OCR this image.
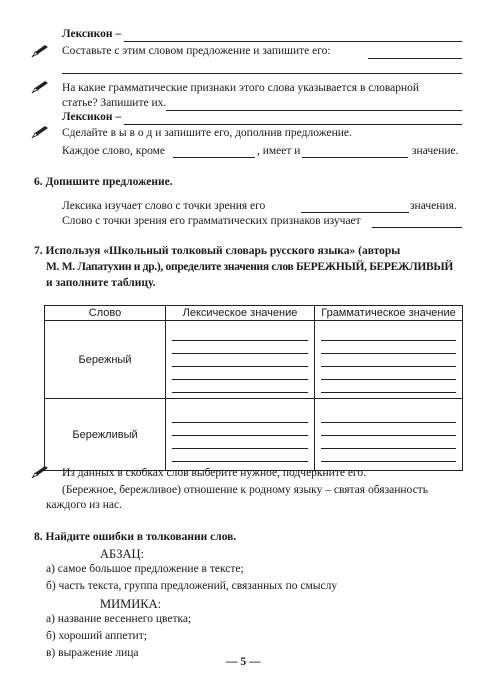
Лексикон –
Составьте с этим словом предложение и запишите его:
На какие грамматические признаки этого слова указывается в словарной
статье? Запишите их.
Лексикон –
Сделайте в ы в о д и запишите его, дополнив предложение.
Каждое слово, кроме	, имеет и	значение.
6. Допишите предложение.
Лексика изучает слово с точки зрения его	значения.
Слово с точки зрения его грамматических признаков изучает
7. Используя «Школьный толковый словарь русского языка» (авторы
М. М. Лапатухин и др.), определите значения слов БЕРЕЖНЫЙ, БЕРЕЖЛИВЫЙ
и заполните таблицу.
Слово	Лексическое значение	Грамматическое значение
Бережный	

Бережливый	

Из данных в скобках слов выберите нужное, подчеркните его.
(Бережное, бережливое) отношение к родному языку – святая обязанность
каждого из нас.
8. Найдите ошибки в толковании слов.
АБЗАЦ:
а) самое большое предложение в тексте;
б) часть текста, группа предложений, связанных по смыслу
МИМИКА:
а) название весеннего цветка;
б) хороший аппетит;
в) выражение лица
— 5 —
